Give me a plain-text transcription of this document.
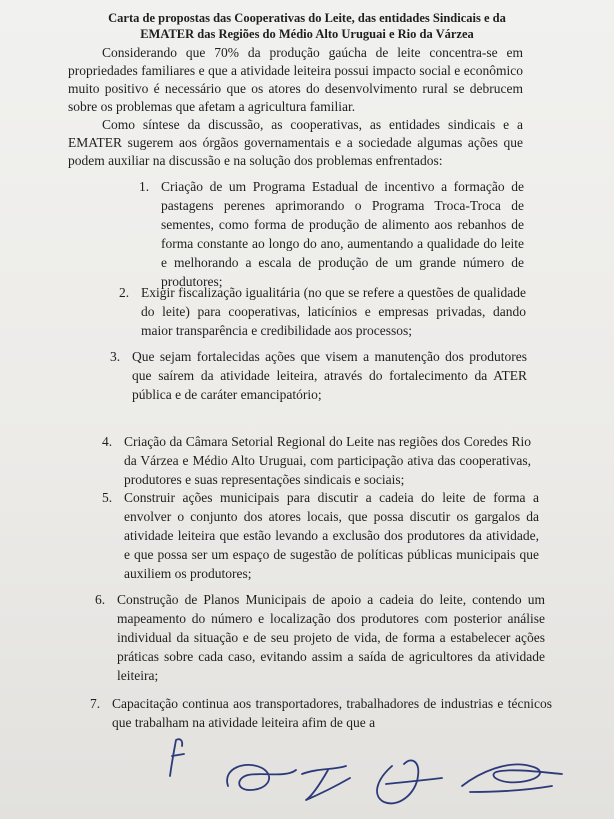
Carta de propostas das Cooperativas do Leite, das entidades Sindicais e da
EMATER das Regiões do Médio Alto Uruguai e Rio da Várzea
Considerando que 70% da produção gaúcha de leite concentra-se em propriedades familiares e que a atividade leiteira possui impacto social e econômico muito positivo é necessário que os atores do desenvolvimento rural se debrucem sobre os problemas que afetam a agricultura familiar.
Como síntese da discussão, as cooperativas, as entidades sindicais e a EMATER sugerem aos órgãos governamentais e a sociedade algumas ações que podem auxiliar na discussão e na solução dos problemas enfrentados:
1. Criação de um Programa Estadual de incentivo a formação de pastagens perenes aprimorando o Programa Troca-Troca de sementes, como forma de produção de alimento aos rebanhos de forma constante ao longo do ano, aumentando a qualidade do leite e melhorando a escala de produção de um grande número de produtores;
2. Exigir fiscalização igualitária (no que se refere a questões de qualidade do leite) para cooperativas, laticínios e empresas privadas, dando maior transparência e credibilidade aos processos;
3. Que sejam fortalecidas ações que visem a manutenção dos produtores que saírem da atividade leiteira, através do fortalecimento da ATER pública e de caráter emancipatório;
4. Criação da Câmara Setorial Regional do Leite nas regiões dos Coredes Rio da Várzea e Médio Alto Uruguai, com participação ativa das cooperativas, produtores e suas representações sindicais e sociais;
5. Construir ações municipais para discutir a cadeia do leite de forma a envolver o conjunto dos atores locais, que possa discutir os gargalos da atividade leiteira que estão levando a exclusão dos produtores da atividade, e que possa ser um espaço de sugestão de políticas públicas municipais que auxiliem os produtores;
6. Construção de Planos Municipais de apoio a cadeia do leite, contendo um mapeamento do número e localização dos produtores com posterior análise individual da situação e de seu projeto de vida, de forma a estabelecer ações práticas sobre cada caso, evitando assim a saída de agricultores da atividade leiteira;
7. Capacitação continua aos transportadores, trabalhadores de industrias e técnicos que trabalham na atividade leiteira afim de que a
